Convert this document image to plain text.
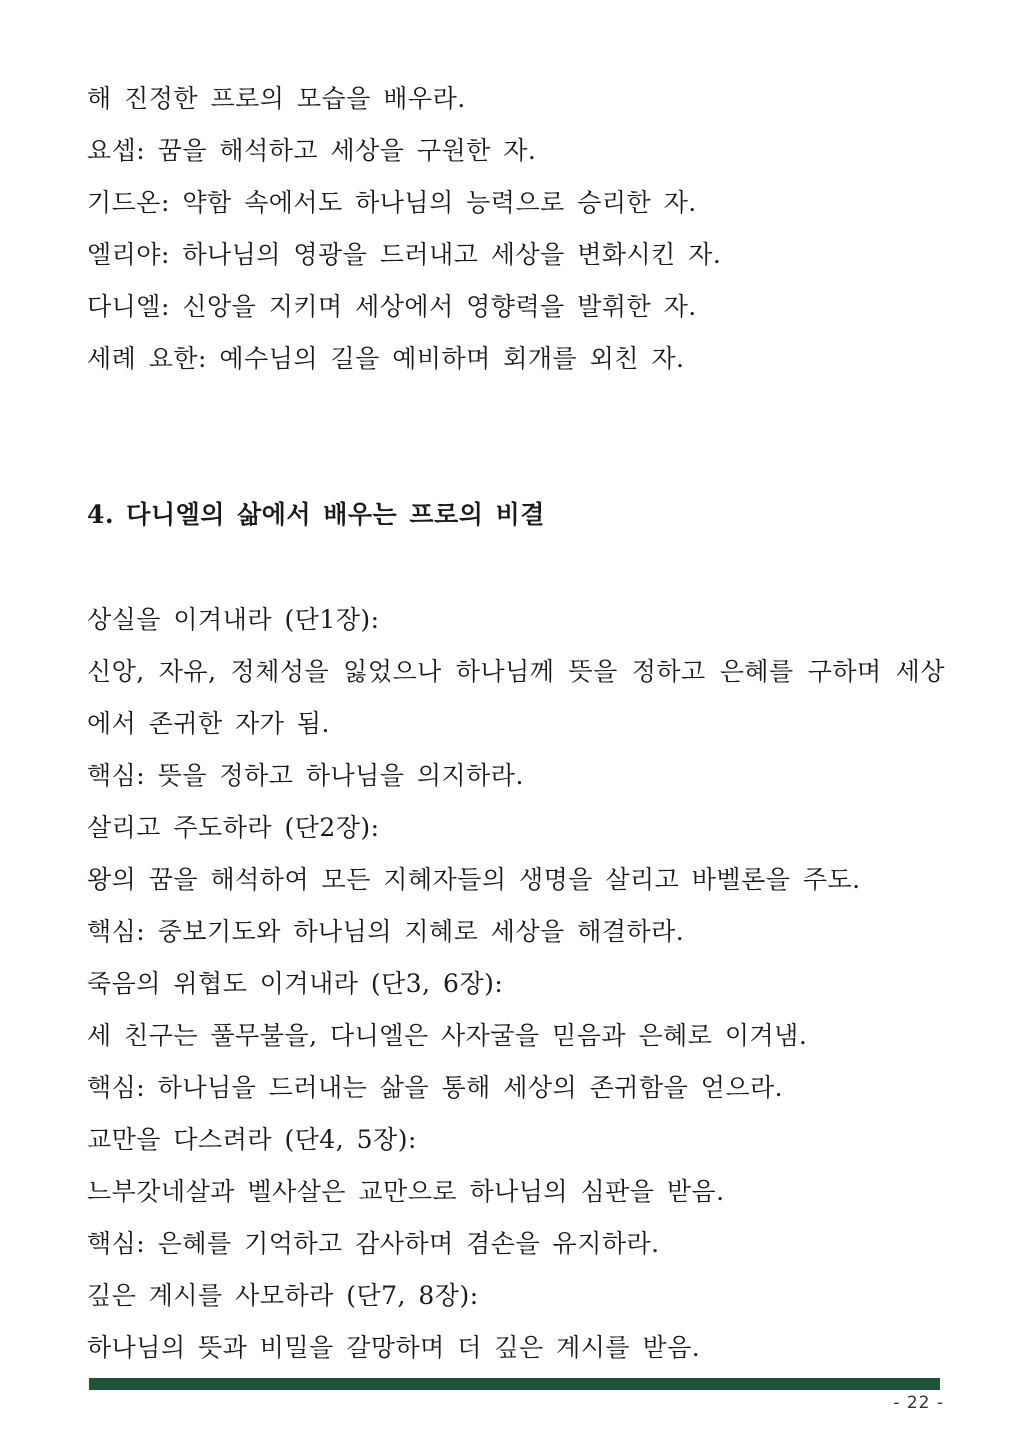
해 진정한 프로의 모습을 배우라.
요셉: 꿈을 해석하고 세상을 구원한 자.
기드온: 약함 속에서도 하나님의 능력으로 승리한 자.
엘리야: 하나님의 영광을 드러내고 세상을 변화시킨 자.
다니엘: 신앙을 지키며 세상에서 영향력을 발휘한 자.
세례 요한: 예수님의 길을 예비하며 회개를 외친 자.
4. 다니엘의 삶에서 배우는 프로의 비결
상실을 이겨내라 (단1장):
신앙, 자유, 정체성을 잃었으나 하나님께 뜻을 정하고 은혜를 구하며 세상
에서 존귀한 자가 됨.
핵심: 뜻을 정하고 하나님을 의지하라.
살리고 주도하라 (단2장):
왕의 꿈을 해석하여 모든 지혜자들의 생명을 살리고 바벨론을 주도.
핵심: 중보기도와 하나님의 지혜로 세상을 해결하라.
죽음의 위협도 이겨내라 (단3, 6장):
세 친구는 풀무불을, 다니엘은 사자굴을 믿음과 은혜로 이겨냄.
핵심: 하나님을 드러내는 삶을 통해 세상의 존귀함을 얻으라.
교만을 다스려라 (단4, 5장):
느부갓네살과 벨사살은 교만으로 하나님의 심판을 받음.
핵심: 은혜를 기억하고 감사하며 겸손을 유지하라.
깊은 계시를 사모하라 (단7, 8장):
하나님의 뜻과 비밀을 갈망하며 더 깊은 계시를 받음.
- 22 -
